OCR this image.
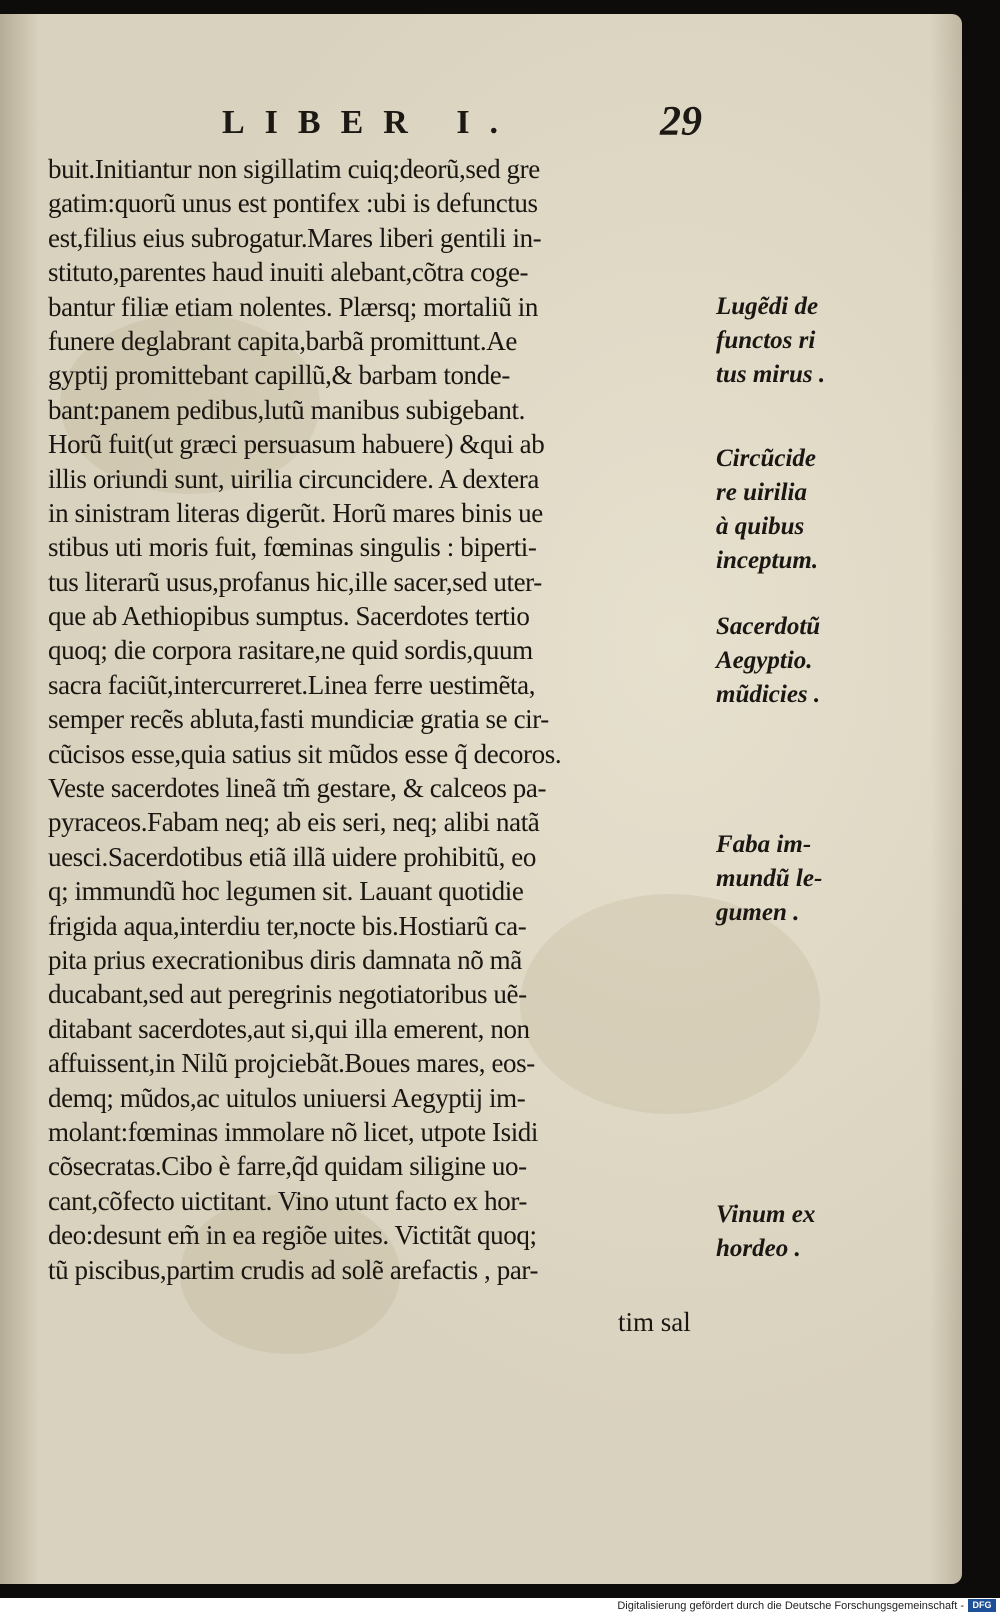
LIBER I.	29
buit.Initiantur non sigillatim cuiq;deorũ,sed gre
gatim:quorũ unus est pontifex :ubi is defunctus
est,filius eius subrogatur.Mares liberi gentili in-
stituto,parentes haud inuiti alebant,cõtra coge-
bantur filiæ etiam nolentes. Plærsq; mortaliũ in
funere deglabrant capita,barbã promittunt.Ae
gyptij promittebant capillũ,& barbam tonde-
bant:panem pedibus,lutũ manibus subigebant.
Horũ fuit(ut græci persuasum habuere) &qui ab
illis oriundi sunt, uirilia circuncidere. A dextera
in sinistram literas digerũt. Horũ mares binis ue
stibus uti moris fuit, fœminas singulis : biperti-
tus literarũ usus,profanus hic,ille sacer,sed uter-
que ab Aethiopibus sumptus. Sacerdotes tertio
quoq; die corpora rasitare,ne quid sordis,quum
sacra faciũt,intercurreret.Linea ferre uestimẽta,
semper recẽs abluta,fasti mundiciæ gratia se cir-
cũcisos esse,quia satius sit mũdos esse q̃ decoros.
Veste sacerdotes lineã tm̃ gestare, & calceos pa-
pyraceos.Fabam neq; ab eis seri, neq; alibi natã
uesci.Sacerdotibus etiã illã uidere prohibitũ, eo
q; immundũ hoc legumen sit. Lauant quotidie
frigida aqua,interdiu ter,nocte bis.Hostiarũ ca-
pita prius execrationibus diris damnata nõ mã
ducabant,sed aut peregrinis negotiatoribus uẽ-
ditabant sacerdotes,aut si,qui illa emerent, non
affuissent,in Nilũ projciebãt.Boues mares, eos-
demq; mũdos,ac uitulos uniuersi Aegyptij im-
molant:fœminas immolare nõ licet, utpote Isidi
cõsecratas.Cibo è farre,q̃d quidam siligine uo-
cant,cõfecto uictitant. Vino utunt facto ex hor-
deo:desunt em̃ in ea regiõe uites. Victitãt quoq;
tũ piscibus,partim crudis ad solẽ arefactis , par-
tim sal
Lugẽdi de
functos ri
tus mirus .
Circũcide
re uirilia
à quibus
inceptum.
Sacerdotũ
Aegyptio.
mũdicies .
Faba im-
mundũ le-
gumen .
Vinum ex
hordeo .
Digitalisierung gefördert durch die Deutsche Forschungsgemeinschaft - DFG
